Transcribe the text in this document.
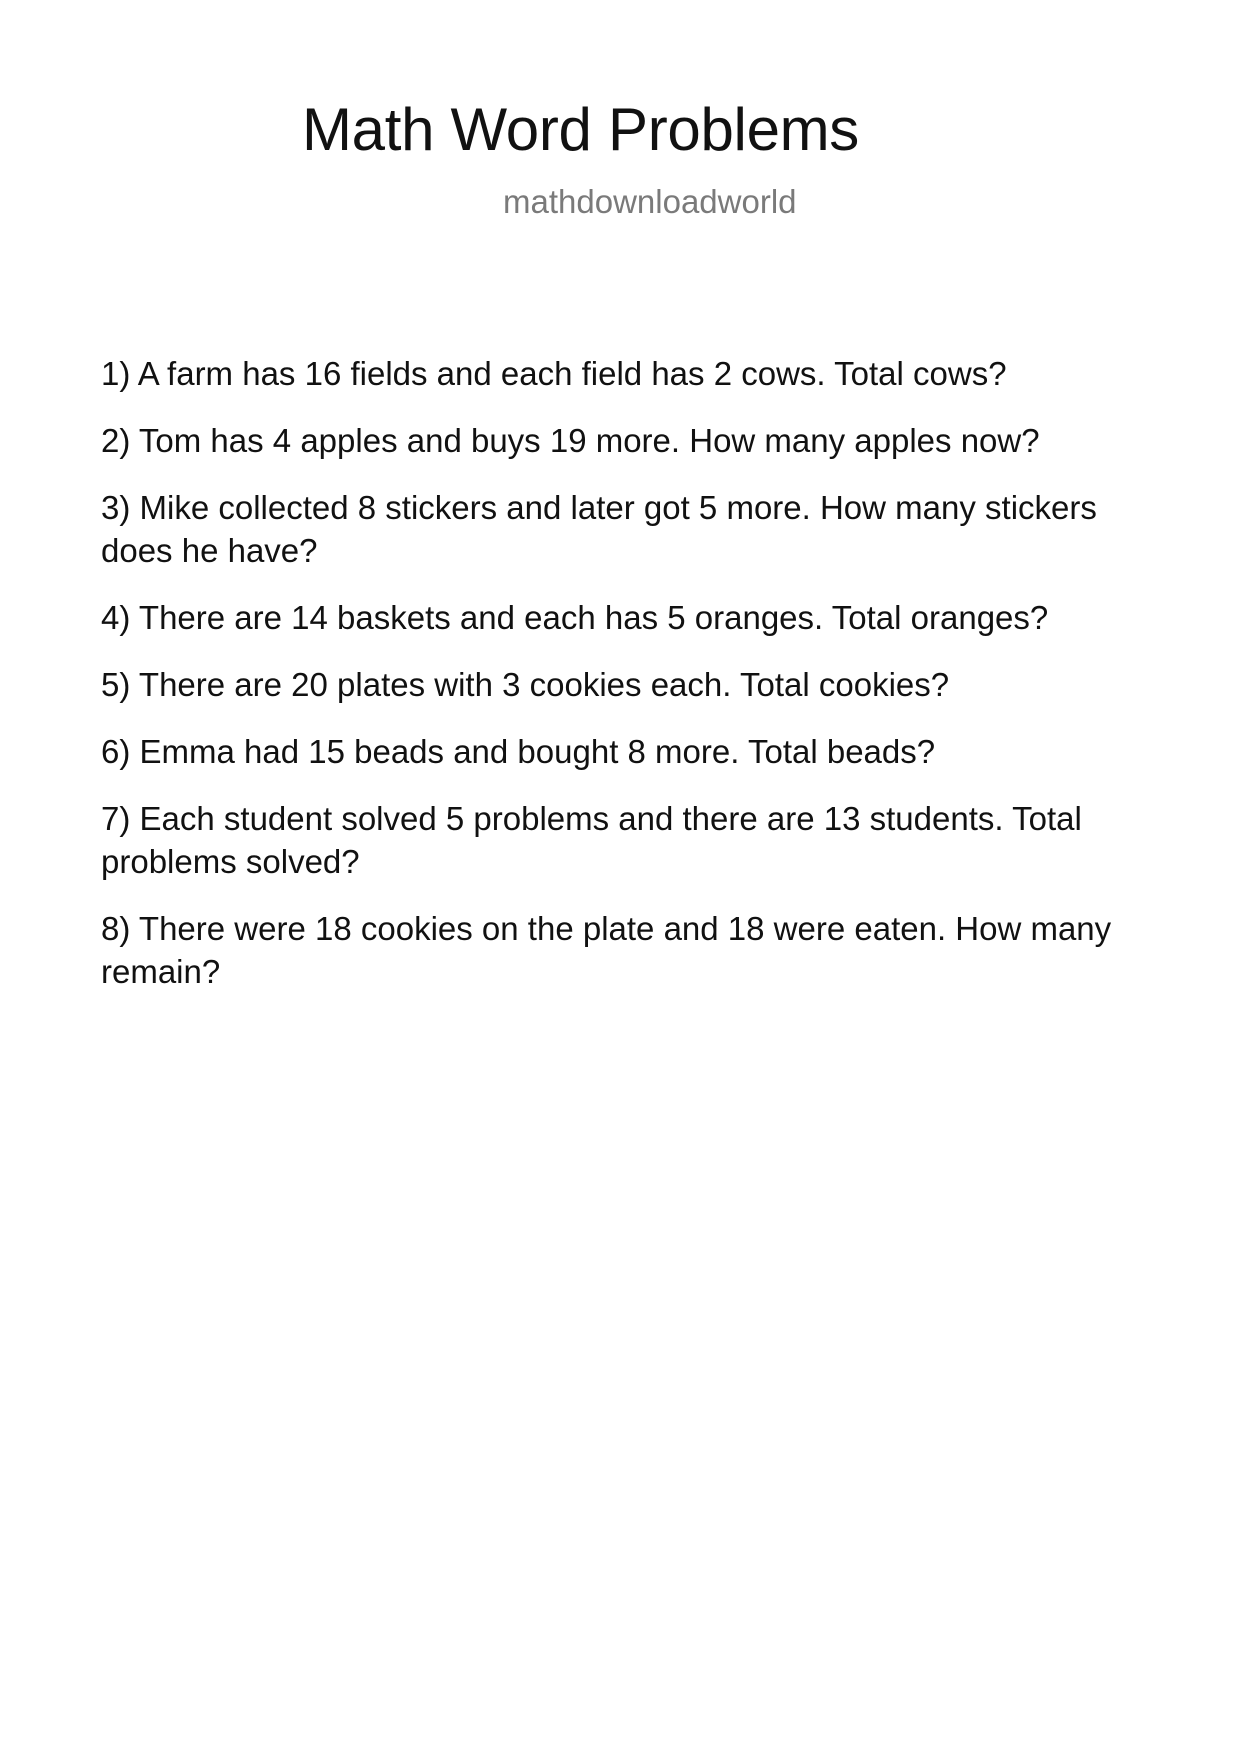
Math Word Problems
mathdownloadworld
1) A farm has 16 fields and each field has 2 cows. Total cows?
2) Tom has 4 apples and buys 19 more. How many apples now?
3) Mike collected 8 stickers and later got 5 more. How many stickers does he have?
4) There are 14 baskets and each has 5 oranges. Total oranges?
5) There are 20 plates with 3 cookies each. Total cookies?
6) Emma had 15 beads and bought 8 more. Total beads?
7) Each student solved 5 problems and there are 13 students. Total problems solved?
8) There were 18 cookies on the plate and 18 were eaten. How many remain?
